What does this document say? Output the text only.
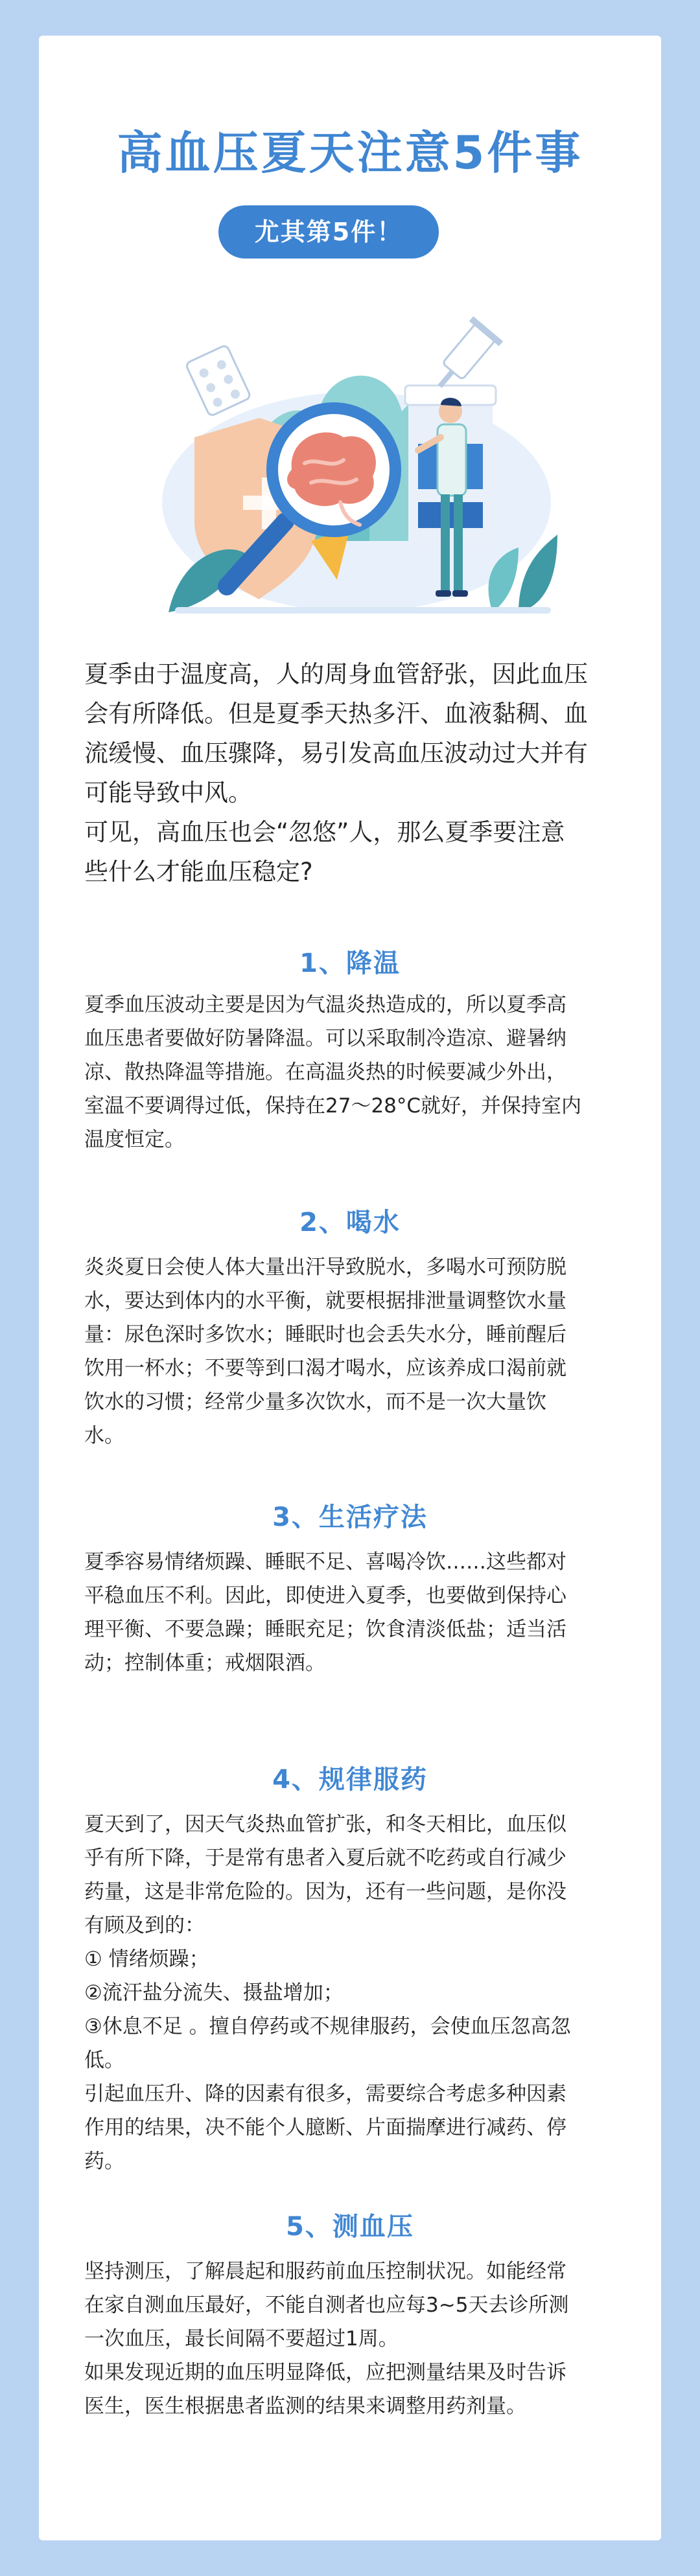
高血压夏天注意5件事
尤其第5件！
夏季由于温度高，人的周身血管舒张，因此血压
会有所降低。但是夏季天热多汗、血液黏稠、血
流缓慢、血压骤降，易引发高血压波动过大并有
可能导致中风。
可见，高血压也会“忽悠”人，那么夏季要注意
些什么才能血压稳定?
1、降温
夏季血压波动主要是因为气温炎热造成的，所以夏季高
血压患者要做好防暑降温。可以采取制冷造凉、避暑纳
凉、散热降温等措施。在高温炎热的时候要减少外出，
室温不要调得过低，保持在27～28°C就好，并保持室内
温度恒定。
2、喝水
炎炎夏日会使人体大量出汗导致脱水，多喝水可预防脱
水，要达到体内的水平衡，就要根据排泄量调整饮水量
量：尿色深时多饮水；睡眠时也会丢失水分，睡前醒后
饮用一杯水；不要等到口渴才喝水，应该养成口渴前就
饮水的习惯；经常少量多次饮水，而不是一次大量饮
水。
3、生活疗法
夏季容易情绪烦躁、睡眠不足、喜喝冷饮……这些都对
平稳血压不利。因此，即使进入夏季，也要做到保持心
理平衡、不要急躁；睡眠充足；饮食清淡低盐；适当活
动；控制体重；戒烟限酒。
4、规律服药
夏天到了，因天气炎热血管扩张，和冬天相比，血压似
乎有所下降，于是常有患者入夏后就不吃药或自行减少
药量，这是非常危险的。因为，还有一些问题，是你没
有顾及到的：
① 情绪烦躁；
②流汗盐分流失、摄盐增加；
③休息不足 。擅自停药或不规律服药，会使血压忽高忽
低。
引起血压升、降的因素有很多，需要综合考虑多种因素
作用的结果，决不能个人臆断、片面揣摩进行减药、停
药。
5、测血压
坚持测压，了解晨起和服药前血压控制状况。如能经常
在家自测血压最好，不能自测者也应每3~5天去诊所测
一次血压，最长间隔不要超过1周。
如果发现近期的血压明显降低，应把测量结果及时告诉
医生，医生根据患者监测的结果来调整用药剂量。
